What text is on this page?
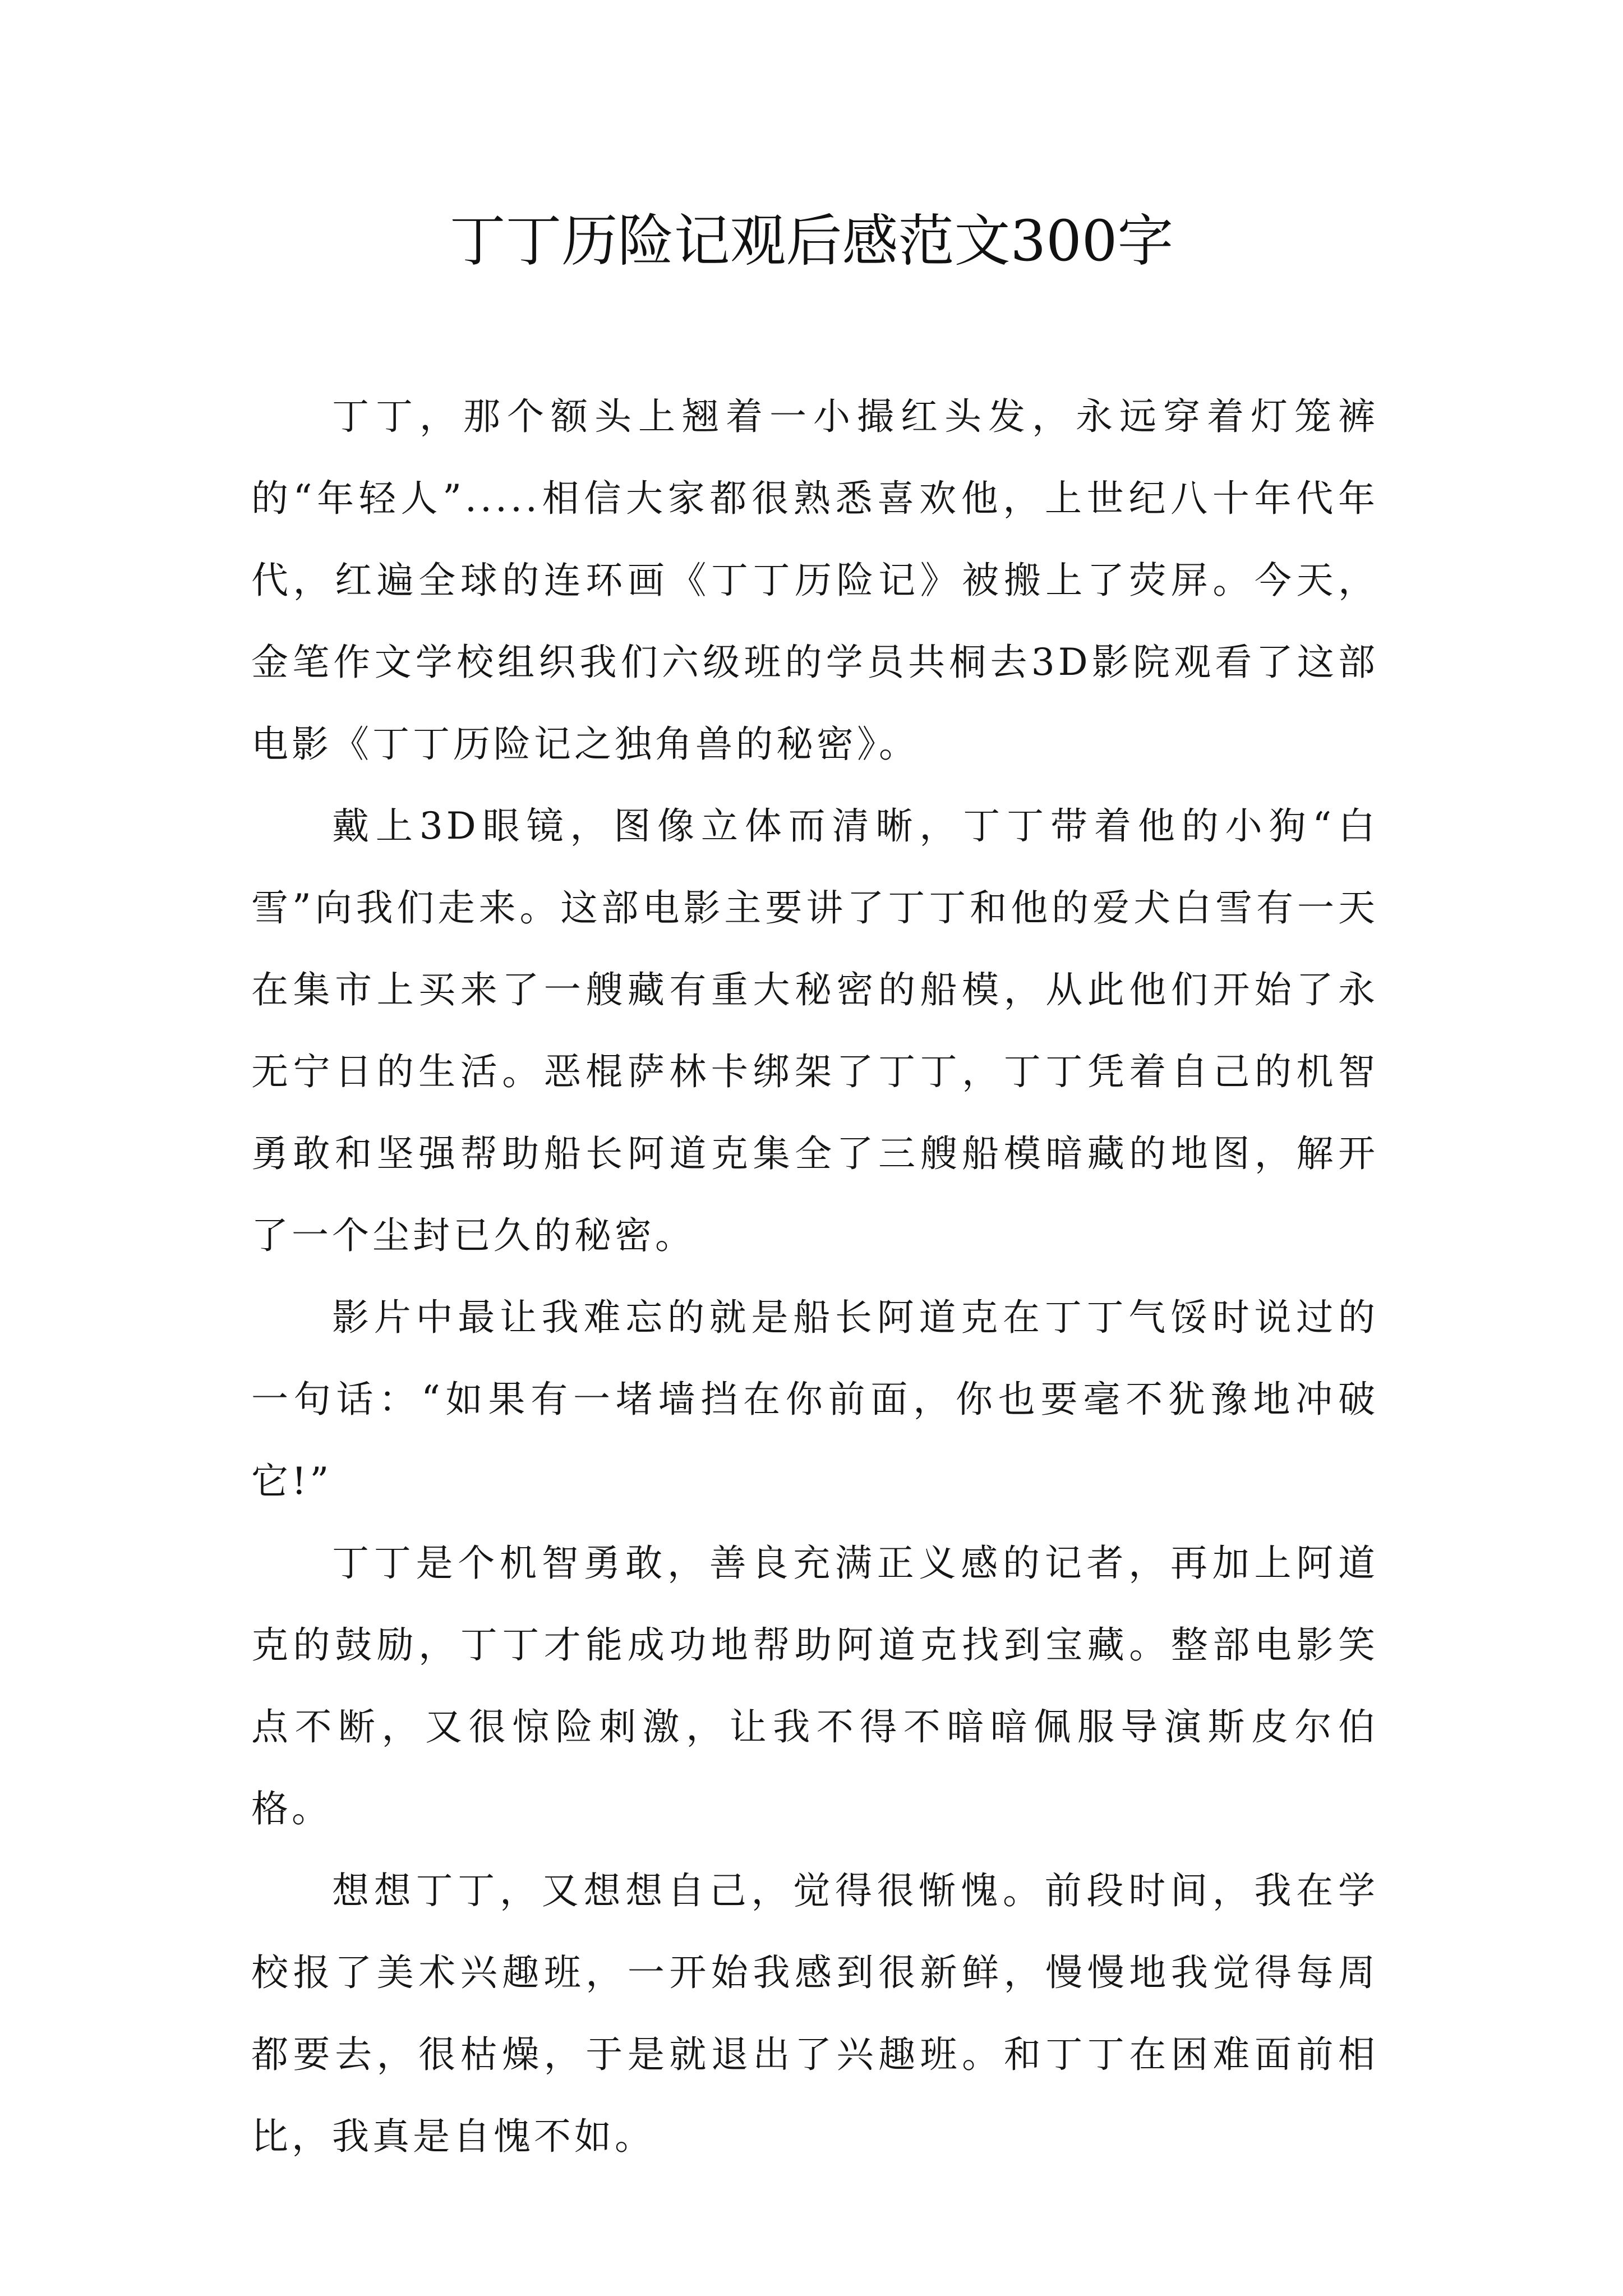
丁丁历险记观后感范文300字

丁丁，那个额头上翘着一小撮红头发，永远穿着灯笼裤的“年轻人”.....相信大家都很熟悉喜欢他，上世纪八十年代年代，红遍全球的连环画《丁丁历险记》被搬上了荧屏。今天，金笔作文学校组织我们六级班的学员共桐去3D影院观看了这部电影《丁丁历险记之独角兽的秘密》。

戴上3D眼镜，图像立体而清晰，丁丁带着他的小狗“白雪”向我们走来。这部电影主要讲了丁丁和他的爱犬白雪有一天在集市上买来了一艘藏有重大秘密的船模，从此他们开始了永无宁日的生活。恶棍萨林卡绑架了丁丁，丁丁凭着自己的机智勇敢和坚强帮助船长阿道克集全了三艘船模暗藏的地图，解开了一个尘封已久的秘密。

影片中最让我难忘的就是船长阿道克在丁丁气馁时说过的一句话：“如果有一堵墙挡在你前面，你也要毫不犹豫地冲破它!”

丁丁是个机智勇敢，善良充满正义感的记者，再加上阿道克的鼓励，丁丁才能成功地帮助阿道克找到宝藏。整部电影笑点不断，又很惊险刺激，让我不得不暗暗佩服导演斯皮尔伯格。

想想丁丁，又想想自己，觉得很惭愧。前段时间，我在学校报了美术兴趣班，一开始我感到很新鲜，慢慢地我觉得每周都要去，很枯燥，于是就退出了兴趣班。和丁丁在困难面前相比，我真是自愧不如。
